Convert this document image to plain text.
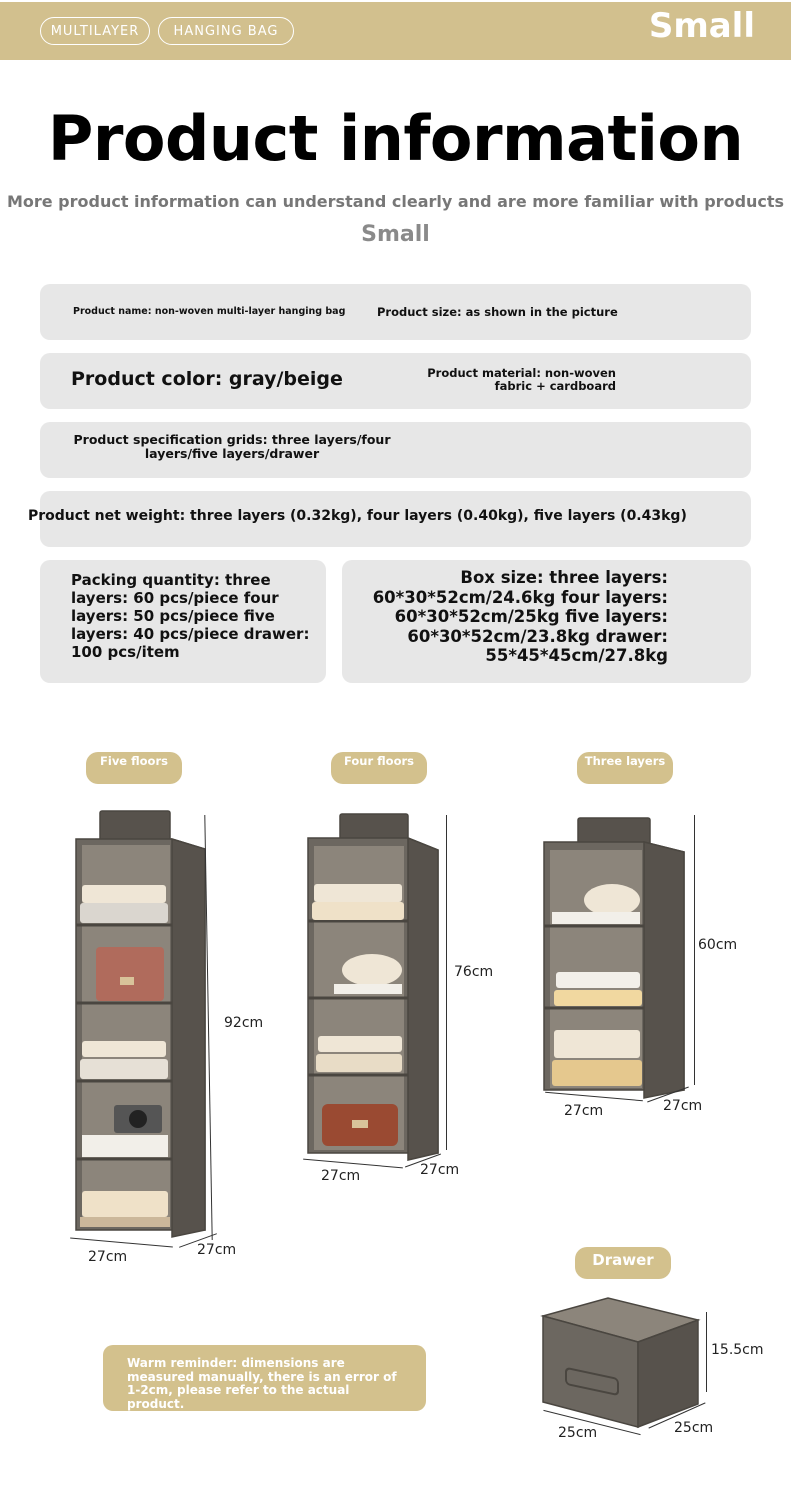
MULTILAYER	HANGING BAG	Small
Product information
More product information can understand clearly and are more familiar with products
Small
Product name: non-woven multi-layer hanging bag	Product size: as shown in the picture
Product color: gray/beige	Product material: non-woven fabric + cardboard
Product specification grids: three layers/four layers/five layers/drawer
Product net weight: three layers (0.32kg), four layers (0.40kg), five layers (0.43kg)
Packing quantity: three layers: 60 pcs/piece four layers: 50 pcs/piece five layers: 40 pcs/piece drawer: 100 pcs/item
Box size: three layers: 60*30*52cm/24.6kg four layers: 60*30*52cm/25kg five layers: 60*30*52cm/23.8kg drawer: 55*45*45cm/27.8kg
Five floors	Four floors	Three layers
Drawer
92cm
27cm	27cm
76cm
27cm	27cm
60cm
27cm	27cm
15.5cm
25cm	25cm
Warm reminder: dimensions are measured manually, there is an error of 1-2cm, please refer to the actual product.
